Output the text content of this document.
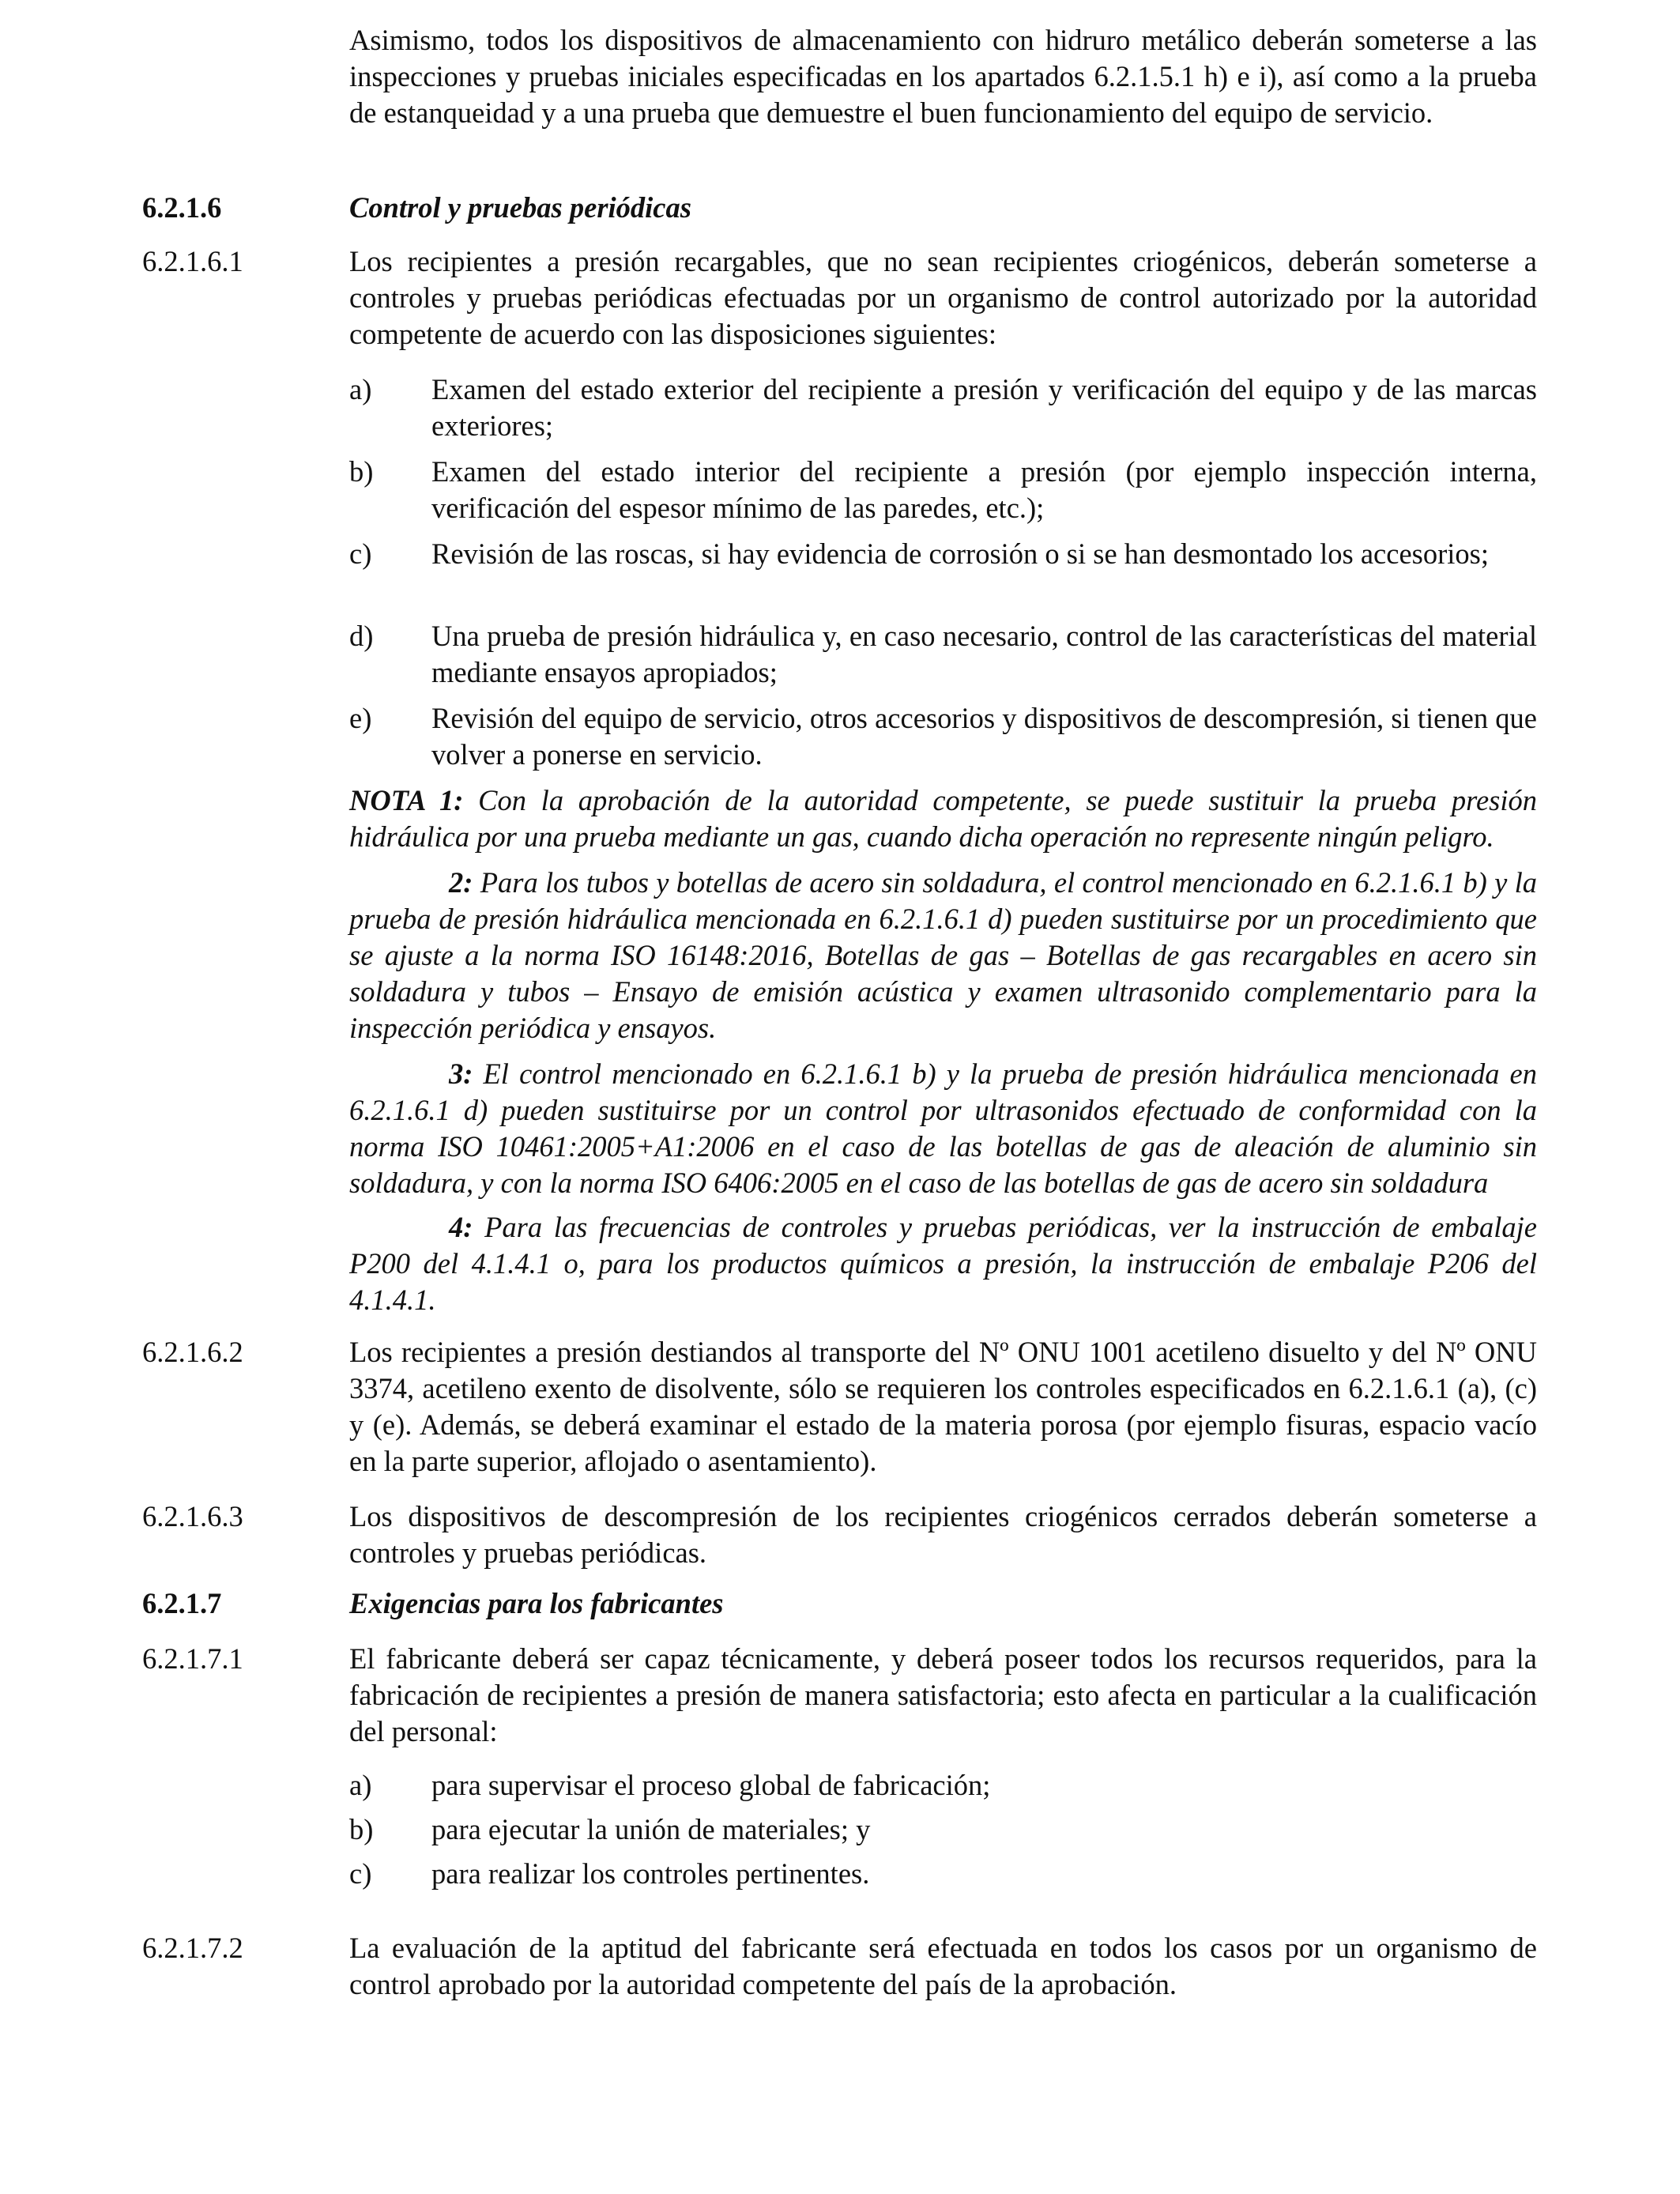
Asimismo, todos los dispositivos de almacenamiento con hidruro metálico deberán someterse a las inspecciones y pruebas iniciales especificadas en los apartados 6.2.1.5.1 h) e i), así como a la prueba de estanqueidad y a una prueba que demuestre el buen funcionamiento del equipo de servicio.
6.2.1.6	Control y pruebas periódicas
6.2.1.6.1	Los recipientes a presión recargables, que no sean recipientes criogénicos, deberán someterse a controles y pruebas periódicas efectuadas por un organismo de control autorizado por la autoridad competente de acuerdo con las disposiciones siguientes:
a)	Examen del estado exterior del recipiente a presión y verificación del equipo y de las marcas exteriores;
b)	Examen del estado interior del recipiente a presión (por ejemplo inspección interna, verificación del espesor mínimo de las paredes, etc.);
c)	Revisión de las roscas, si hay evidencia de corrosión o si se han desmontado los accesorios;
d)	Una prueba de presión hidráulica y, en caso necesario, control de las características del material mediante ensayos apropiados;
e)	Revisión del equipo de servicio, otros accesorios y dispositivos de descompresión, si tienen que volver a ponerse en servicio.
NOTA 1: Con la aprobación de la autoridad competente, se puede sustituir la prueba presión hidráulica por una prueba mediante un gas, cuando dicha operación no represente ningún peligro.
2: Para los tubos y botellas de acero sin soldadura, el control mencionado en 6.2.1.6.1 b) y la prueba de presión hidráulica mencionada en 6.2.1.6.1 d) pueden sustituirse por un procedimiento que se ajuste a la norma ISO 16148:2016, Botellas de gas – Botellas de gas recargables en acero sin soldadura y tubos – Ensayo de emisión acústica y examen ultrasonido complementario para la inspección periódica y ensayos.
3: El control mencionado en 6.2.1.6.1 b) y la prueba de presión hidráulica mencionada en 6.2.1.6.1 d) pueden sustituirse por un control por ultrasonidos efectuado de conformidad con la norma ISO 10461:2005+A1:2006 en el caso de las botellas de gas de aleación de aluminio sin soldadura, y con la norma ISO 6406:2005 en el caso de las botellas de gas de acero sin soldadura
4: Para las frecuencias de controles y pruebas periódicas, ver la instrucción de embalaje P200 del 4.1.4.1 o, para los productos químicos a presión, la instrucción de embalaje P206 del 4.1.4.1.
6.2.1.6.2	Los recipientes a presión destiandos al transporte del Nº ONU 1001 acetileno disuelto y del Nº ONU 3374, acetileno exento de disolvente, sólo se requieren los controles especificados en 6.2.1.6.1 (a), (c) y (e). Además, se deberá examinar el estado de la materia porosa (por ejemplo fisuras, espacio vacío en la parte superior, aflojado o asentamiento).
6.2.1.6.3	Los dispositivos de descompresión de los recipientes criogénicos cerrados deberán someterse a controles y pruebas periódicas.
6.2.1.7	Exigencias para los fabricantes
6.2.1.7.1	El fabricante deberá ser capaz técnicamente, y deberá poseer todos los recursos requeridos, para la fabricación de recipientes a presión de manera satisfactoria; esto afecta en particular a la cualificación del personal:
a)	para supervisar el proceso global de fabricación;
b)	para ejecutar la unión de materiales; y
c)	para realizar los controles pertinentes.
6.2.1.7.2	La evaluación de la aptitud del fabricante será efectuada en todos los casos por un organismo de control aprobado por la autoridad competente del país de la aprobación.
